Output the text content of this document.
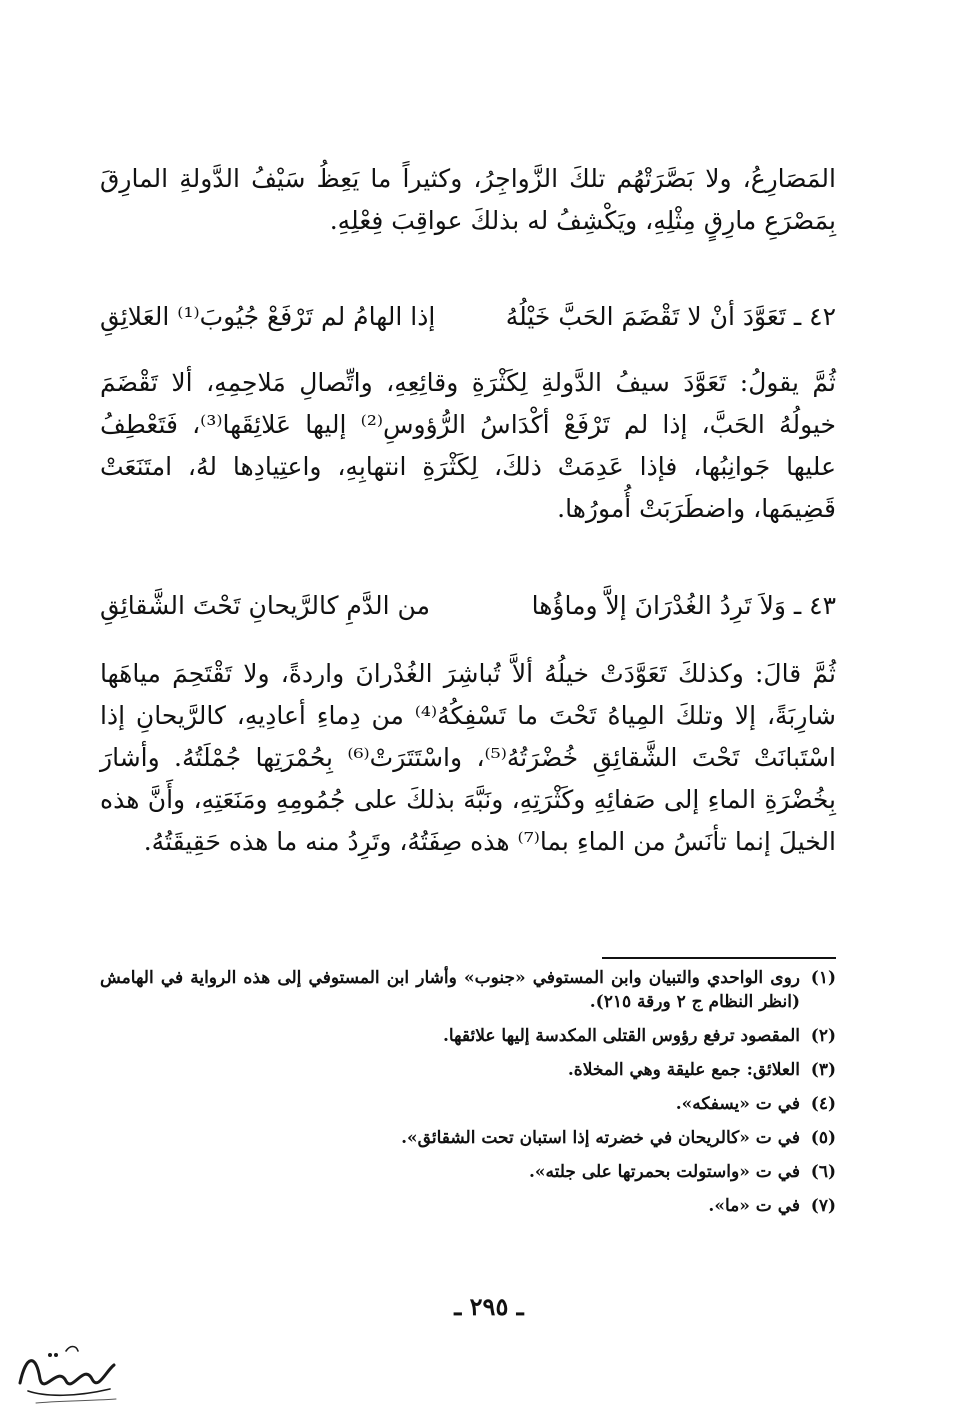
المَصَارِعُ، ولا بَصَّرَتْهُم تلكَ الزَّواجِرُ، وكثيراً ما يَعِظُ سَيْفُ الدَّولةِ المارِقَ بِمَصْرَعِ مارِقٍ مِثْلِهِ، ويَكْشِفُ له بذلكَ عواقِبَ فِعْلِهِ.

٤٢ ـ تَعَوَّدَ أنْ لا تَقْضَمَ الحَبَّ خَيْلُهُ
إذا الهامُ لم تَرْفَعْ جُيُوبَ⁽¹⁾ العَلائِقِ

ثُمَّ يقولُ: تَعَوَّدَ سيفُ الدَّولةِ لِكَثْرَةِ وقائِعِهِ، واتِّصالِ مَلاحِمِهِ، ألا تَقْضَمَ خيولُهُ الحَبَّ، إذا لم تَرْفَعْ أكْدَاسُ الرُّؤوسِ⁽²⁾ إليها عَلائِقَها⁽³⁾، فَتَعْطِفُ عليها جَوانِبُها، فإذا عَدِمَتْ ذلكَ، لِكَثْرَةِ انتهابِهِ، واعتِيادِها لهُ، امتَنَعَتْ قَضِيمَها، واضطَرَبَتْ أُمورُها.

٤٣ ـ وَلاَ تَرِدُ الغُدْرَانَ إلاَّ وماؤُها
من الدَّمِ كالرَّيحانِ تَحْتَ الشَّقائِقِ

ثُمَّ قالَ: وكذلكَ تَعَوَّدَتْ خيلُهُ ألاَّ تُباشِرَ الغُدْرانَ واردةً، ولا تَقْتَحِمَ مياهَها شارِبَةً، إلا وتلكَ المِياهُ تَحْتَ ما تَسْفِكُهُ⁽⁴⁾ من دِماءِ أعادِيهِ، كالرَّيحانِ إذا اسْتَبانَتْ تَحْتَ الشَّقائِقِ خُضْرَتُهُ⁽⁵⁾، واسْتَتَرَتْ⁽⁶⁾ بِحُمْرَتِها جُمْلَتُهُ. وأشارَ بِخُضْرَةِ الماءِ إلى صَفائِهِ وكَثْرَتِهِ، ونَبَّهَ بذلكَ على جُمُومِهِ ومَنَعَتِهِ، وأَنَّ هذه الخيلَ إنما تأنَسُ من الماءِ بما⁽⁷⁾ هذه صِفَتُهُ، وتَرِدُ منه ما هذه حَقِيقَتُهُ.

(١)
روى الواحدي والتبيان وابن المستوفي «جنوب» وأشار ابن المستوفي إلى هذه الرواية في الهامش (انظر النظام ج ٢ ورقة ٢١٥).
(٢)
المقصود ترفع رؤوس القتلى المكدسة إليها علائقها.
(٣)
العلائق: جمع عليقة وهي المخلاة.
(٤)
في ت «يسفكه».
(٥)
في ت «كالريحان في خضرته إذا استبان تحت الشقائق».
(٦)
في ت «واستولت بحمرتها على جلته».
(٧)
في ت «ما».
ـ ٢٩٥ ـ
